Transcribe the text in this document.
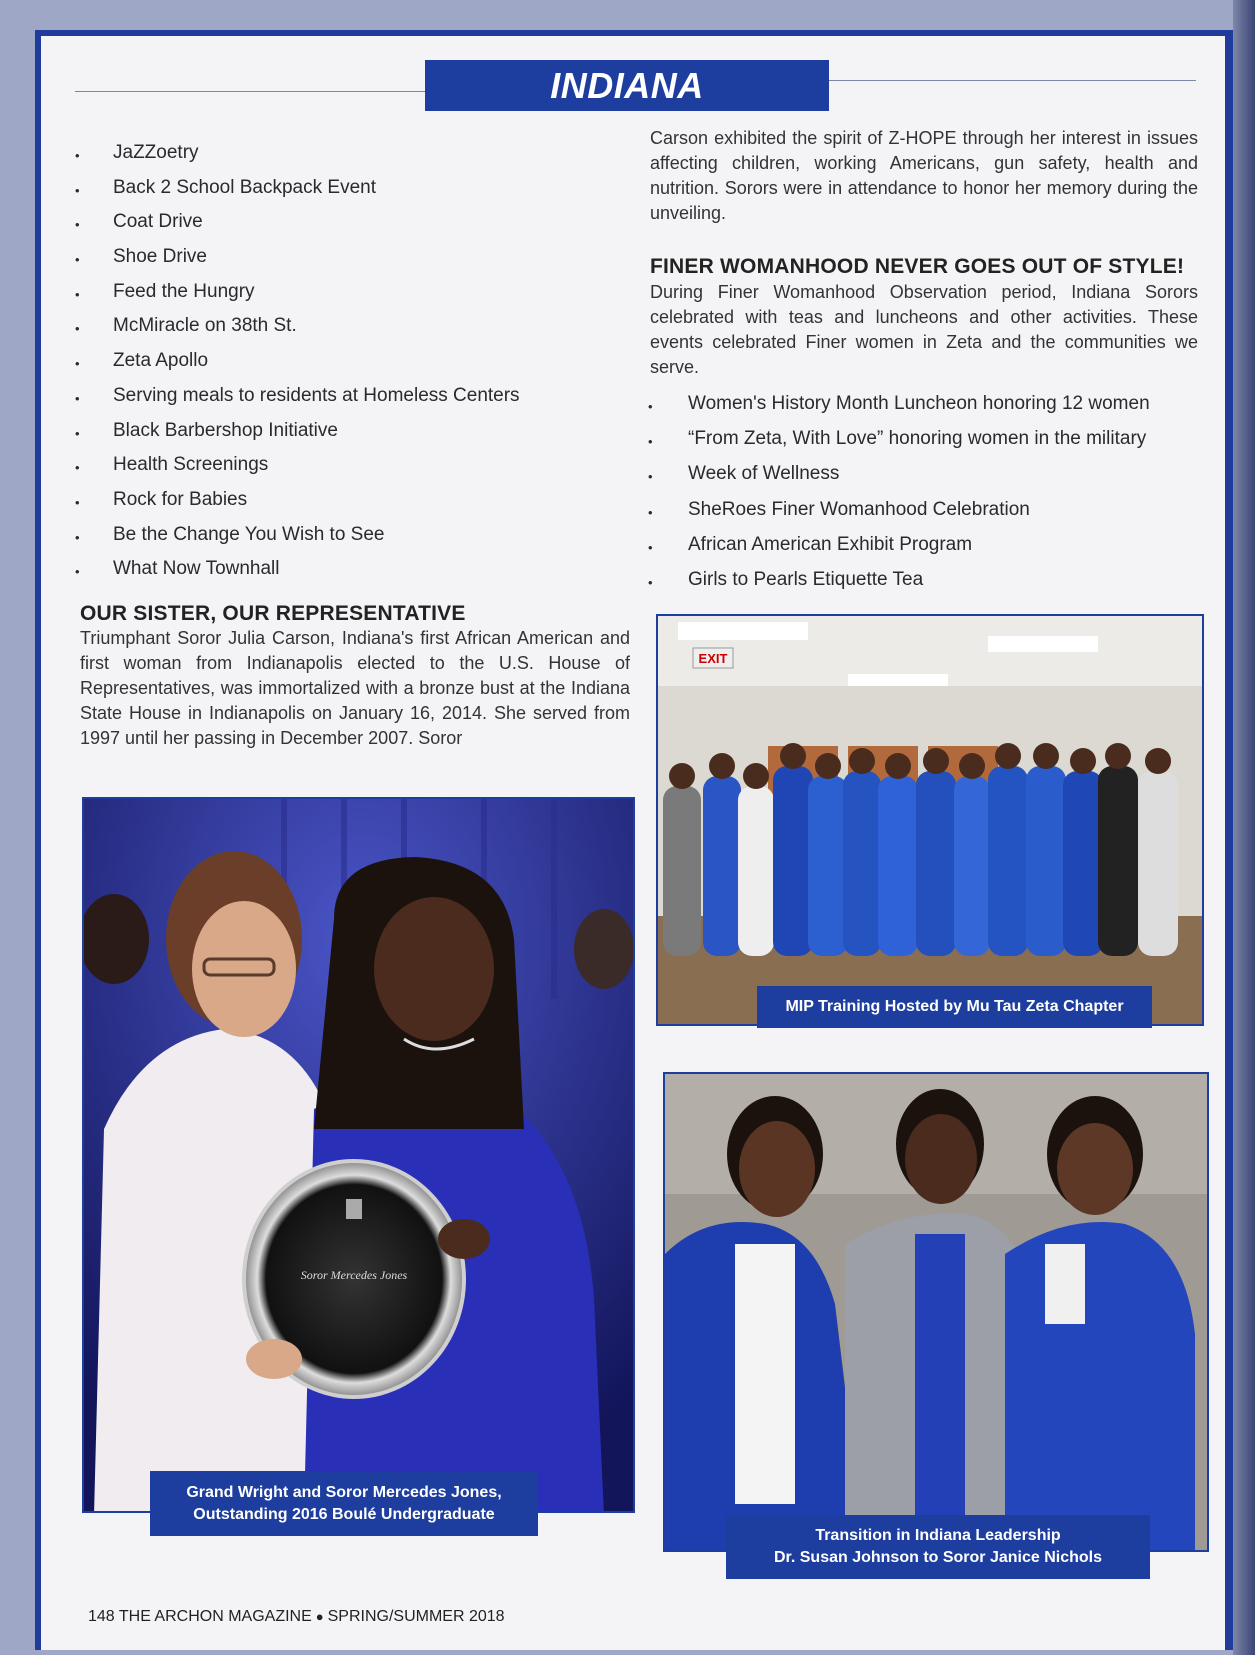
INDIANA
• JaZZoetry
• Back 2 School Backpack Event
• Coat Drive
• Shoe Drive
• Feed the Hungry
• McMiracle on 38th St.
• Zeta Apollo
• Serving meals to residents at Homeless Centers
• Black Barbershop Initiative
• Health Screenings
• Rock for Babies
• Be the Change You Wish to See
• What Now Townhall
OUR SISTER, OUR REPRESENTATIVE

Triumphant Soror Julia Carson, Indiana's first African American and first woman from Indianapolis elected to the U.S. House of Representatives, was immortalized with a bronze bust at the Indiana State House in Indianapolis on January 16, 2014. She served from 1997 until her passing in December 2007. Soror

Carson exhibited the spirit of Z-HOPE through her interest in issues affecting children, working Americans, gun safety, health and nutrition. Sorors were in attendance to honor her memory during the unveiling.

FINER WOMANHOOD NEVER GOES OUT OF STYLE!

During Finer Womanhood Observation period, Indiana Sorors celebrated with teas and luncheons and other activities. These events celebrated Finer women in Zeta and the communities we serve.

• Women's History Month Luncheon honoring 12 women
• “From Zeta, With Love” honoring women in the military
• Week of Wellness
• SheRoes Finer Womanhood Celebration
• African American Exhibit Program
• Girls to Pearls Etiquette Tea
Soror Mercedes Jones
Grand Wright and Soror Mercedes Jones,
Outstanding 2016 Boulé Undergraduate
EXIT
MIP Training Hosted by Mu Tau Zeta Chapter
Transition in Indiana Leadership
Dr. Susan Johnson to Soror Janice Nichols
148 THE ARCHON MAGAZINE ● SPRING/SUMMER 2018
